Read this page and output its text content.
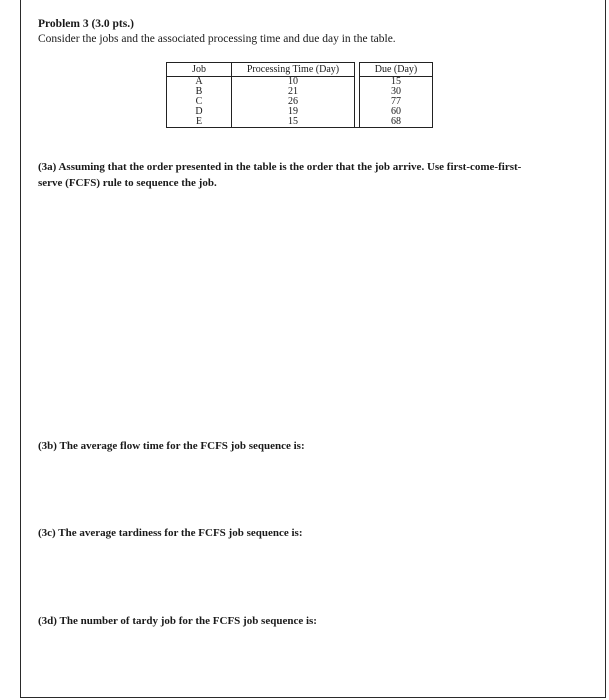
Problem 3 (3.0 pts.)
Consider the jobs and the associated processing time and due day in the table.
Job	Processing Time (Day)		Due (Day)
A	10		15
B	21		30
C	26		77
D	19		60
E	15		68
(3a) Assuming that the order presented in the table is the order that the job arrive. Use first-come-first-
serve (FCFS) rule to sequence the job.
(3b) The average flow time for the FCFS job sequence is:
(3c) The average tardiness for the FCFS job sequence is:
(3d) The number of tardy job for the FCFS job sequence is:
